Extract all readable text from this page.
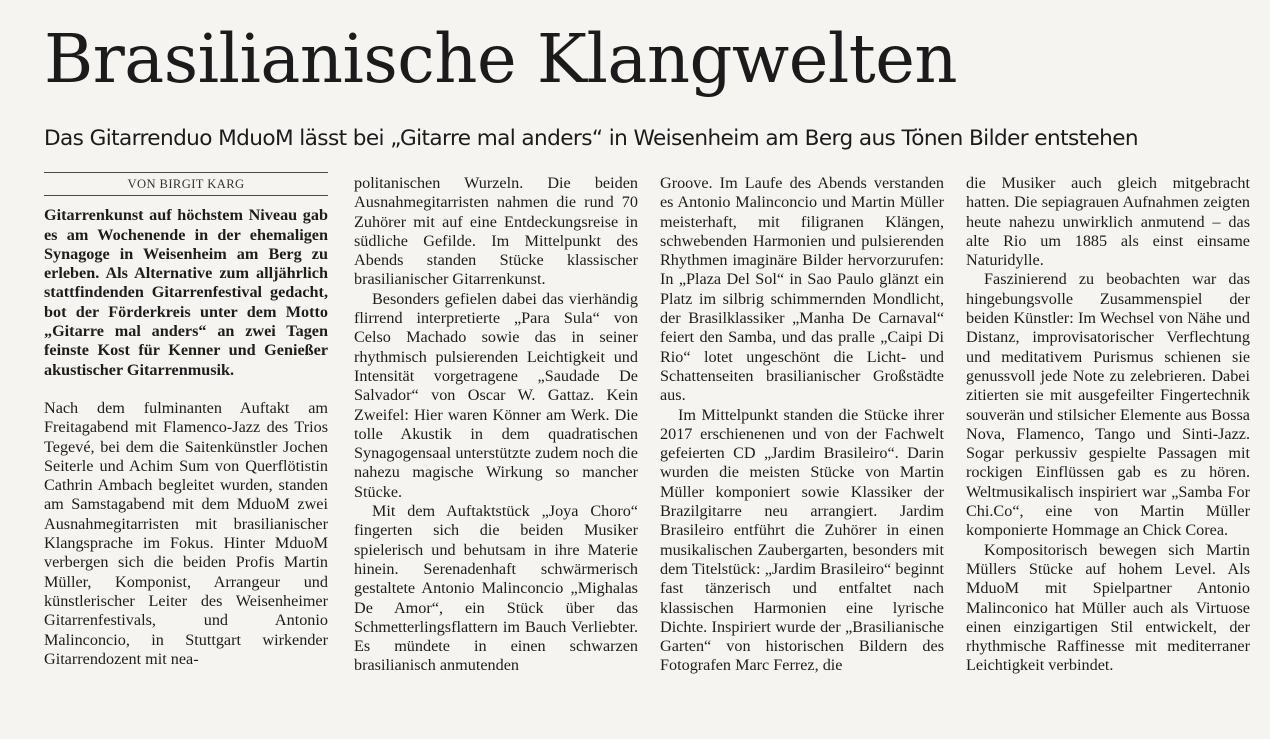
Brasilianische Klangwelten
Das Gitarrenduo MduoM lässt bei „Gitarre mal anders“ in Weisenheim am Berg aus Tönen Bilder entstehen
VON BIRGIT KARG

Gitarrenkunst auf höchstem Niveau gab es am Wochenende in der ehemaligen Synagoge in Weisenheim am Berg zu erleben. Als Alternative zum alljährlich stattfindenden Gitarrenfestival gedacht, bot der Förderkreis unter dem Motto „Gitarre mal anders“ an zwei Tagen feinste Kost für Kenner und Genießer akustischer Gitarrenmusik.

Nach dem fulminanten Auftakt am Freitagabend mit Flamenco-Jazz des Trios Tegevé, bei dem die Saitenkünstler Jochen Seiterle und Achim Sum von Querflötistin Cathrin Ambach begleitet wurden, standen am Samstagabend mit dem MduoM zwei Ausnahmegitarristen mit brasilianischer Klangsprache im Fokus. Hinter MduoM verbergen sich die beiden Profis Martin Müller, Komponist, Arrangeur und künstlerischer Leiter des Weisenheimer Gitarrenfestivals, und Antonio Malinconcio, in Stuttgart wirkender Gitarrendozent mit nea-

politanischen Wurzeln. Die beiden Ausnahmegitarristen nahmen die rund 70 Zuhörer mit auf eine Entdeckungsreise in südliche Gefilde. Im Mittelpunkt des Abends standen Stücke klassischer brasilianischer Gitarrenkunst.

Besonders gefielen dabei das vierhändig flirrend interpretierte „Para Sula“ von Celso Machado sowie das in seiner rhythmisch pulsierenden Leichtigkeit und Intensität vorgetragene „Saudade De Salvador“ von Oscar W. Gattaz. Kein Zweifel: Hier waren Könner am Werk. Die tolle Akustik in dem quadratischen Synagogensaal unterstützte zudem noch die nahezu magische Wirkung so mancher Stücke.

Mit dem Auftaktstück „Joya Choro“ fingerten sich die beiden Musiker spielerisch und behutsam in ihre Materie hinein. Serenadenhaft schwärmerisch gestaltete Antonio Malinconcio „Mighalas De Amor“, ein Stück über das Schmetterlingsflattern im Bauch Verliebter. Es mündete in einen schwarzen brasilianisch anmutenden

Groove. Im Laufe des Abends verstanden es Antonio Malinconcio und Martin Müller meisterhaft, mit filigranen Klängen, schwebenden Harmonien und pulsierenden Rhythmen imaginäre Bilder hervorzurufen: In „Plaza Del Sol“ in Sao Paulo glänzt ein Platz im silbrig schimmernden Mondlicht, der Brasilklassiker „Manha De Carnaval“ feiert den Samba, und das pralle „Caipi Di Rio“ lotet ungeschönt die Licht- und Schattenseiten brasilianischer Großstädte aus.

Im Mittelpunkt standen die Stücke ihrer 2017 erschienenen und von der Fachwelt gefeierten CD „Jardim Brasileiro“. Darin wurden die meisten Stücke von Martin Müller komponiert sowie Klassiker der Brazilgitarre neu arrangiert. Jardim Brasileiro entführt die Zuhörer in einen musikalischen Zaubergarten, besonders mit dem Titelstück: „Jardim Brasileiro“ beginnt fast tänzerisch und entfaltet nach klassischen Harmonien eine lyrische Dichte. Inspiriert wurde der „Brasilianische Garten“ von historischen Bildern des Fotografen Marc Ferrez, die

die Musiker auch gleich mitgebracht hatten. Die sepiagrauen Aufnahmen zeigten heute nahezu unwirklich anmutend – das alte Rio um 1885 als einst einsame Naturidylle.

Faszinierend zu beobachten war das hingebungsvolle Zusammenspiel der beiden Künstler: Im Wechsel von Nähe und Distanz, improvisatorischer Verflechtung und meditativem Purismus schienen sie genussvoll jede Note zu zelebrieren. Dabei zitierten sie mit ausgefeilter Fingertechnik souverän und stilsicher Elemente aus Bossa Nova, Flamenco, Tango und Sinti-Jazz. Sogar perkussiv gespielte Passagen mit rockigen Einflüssen gab es zu hören. Weltmusikalisch inspiriert war „Samba For Chi.Co“, eine von Martin Müller komponierte Hommage an Chick Corea.

Kompositorisch bewegen sich Martin Müllers Stücke auf hohem Level. Als MduoM mit Spielpartner Antonio Malinconico hat Müller auch als Virtuose einen einzigartigen Stil entwickelt, der rhythmische Raffinesse mit mediterraner Leichtigkeit verbindet.
